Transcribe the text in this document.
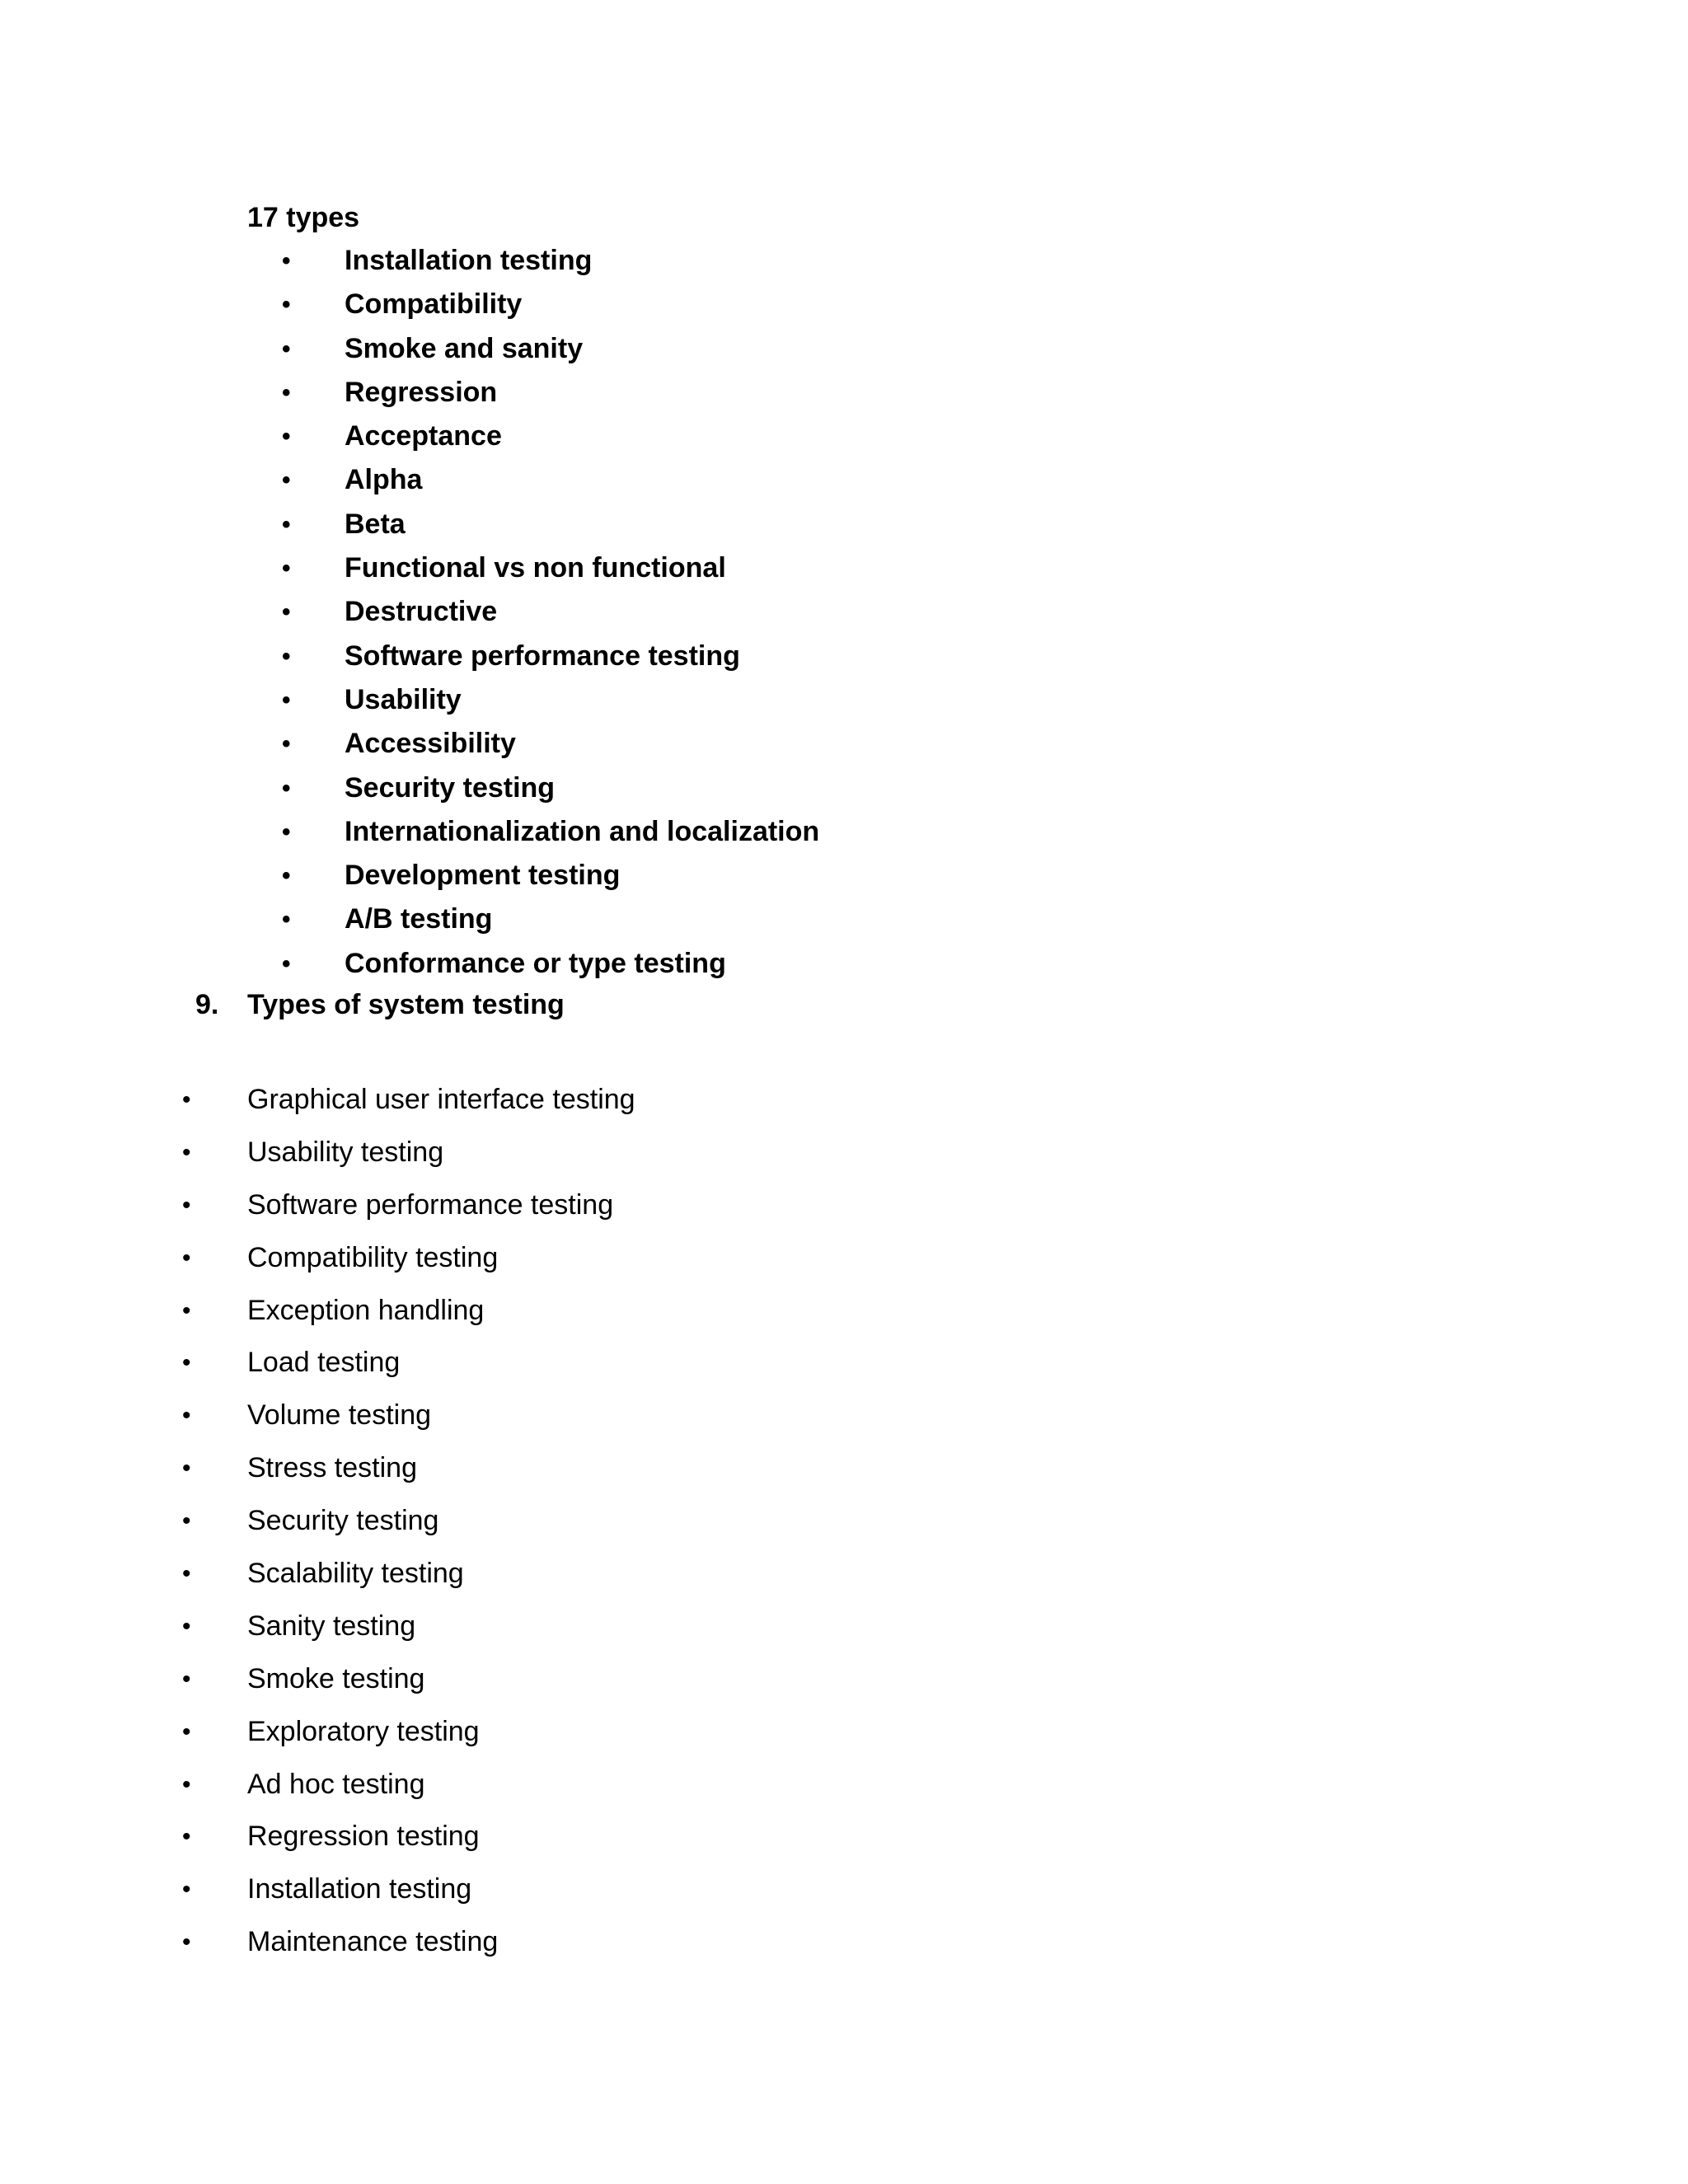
17 types

• Installation testing
• Compatibility
• Smoke and sanity
• Regression
• Acceptance
• Alpha
• Beta
• Functional vs non functional
• Destructive
• Software performance testing
• Usability
• Accessibility
• Security testing
• Internationalization and localization
• Development testing
• A/B testing
• Conformance or type testing
9. Types of system testing
• Graphical user interface testing
• Usability testing
• Software performance testing
• Compatibility testing
• Exception handling
• Load testing
• Volume testing
• Stress testing
• Security testing
• Scalability testing
• Sanity testing
• Smoke testing
• Exploratory testing
• Ad hoc testing
• Regression testing
• Installation testing
• Maintenance testing
